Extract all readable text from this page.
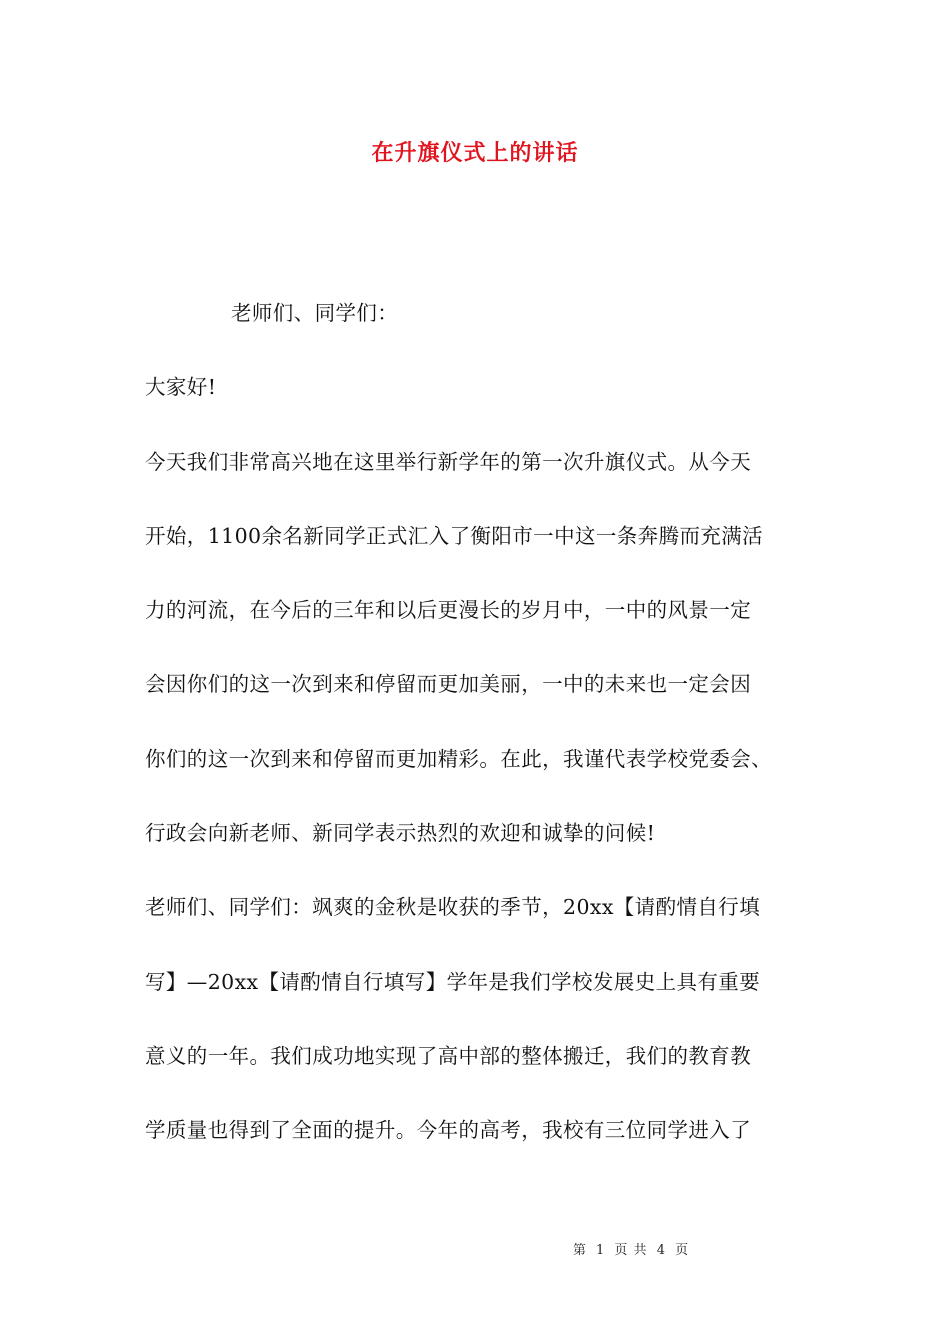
在升旗仪式上的讲话

老师们、同学们：

大家好!

今天我们非常高兴地在这里举行新学年的第一次升旗仪式。从今天

开始，1100余名新同学正式汇入了衡阳市一中这一条奔腾而充满活

力的河流，在今后的三年和以后更漫长的岁月中，一中的风景一定

会因你们的这一次到来和停留而更加美丽，一中的未来也一定会因

你们的这一次到来和停留而更加精彩。在此，我谨代表学校党委会、

行政会向新老师、新同学表示热烈的欢迎和诚挚的问候!

老师们、同学们：飒爽的金秋是收获的季节，20xx【请酌情自行填

写】—20xx【请酌情自行填写】学年是我们学校发展史上具有重要

意义的一年。我们成功地实现了高中部的整体搬迁，我们的教育教

学质量也得到了全面的提升。今年的高考，我校有三位同学进入了

第 1 页 共 4 页
